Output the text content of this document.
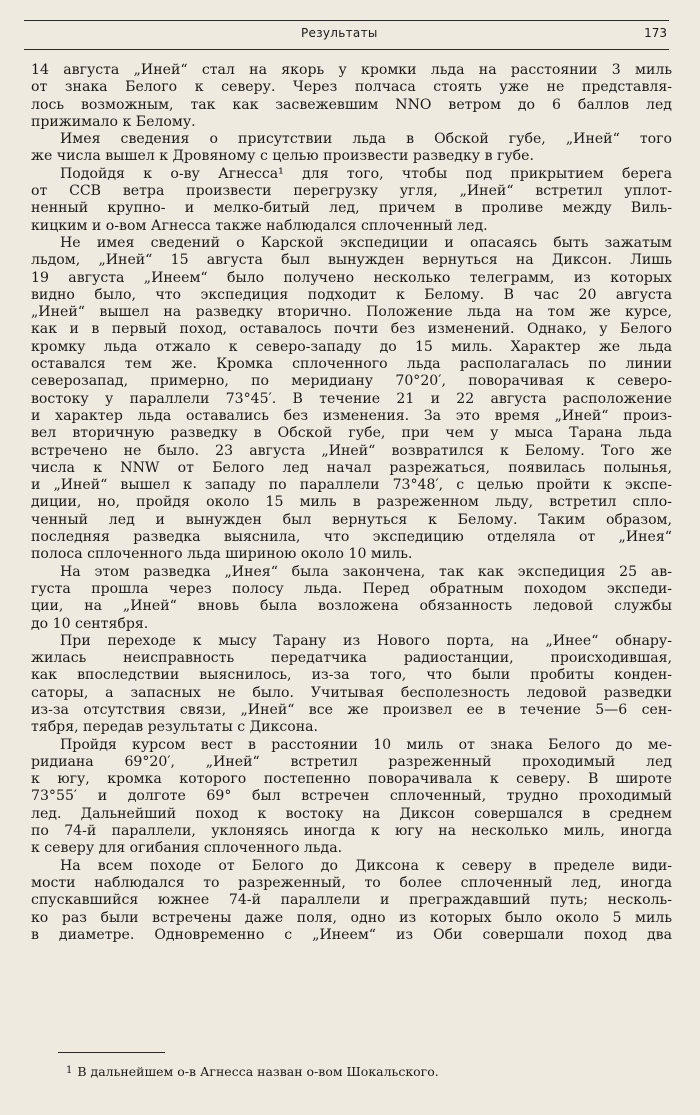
Результаты	173
14 августа „Иней“ стал на якорь у кромки льда на расстоянии 3 миль
от знака Белого к северу. Через полчаса стоять уже не представля-
лось возможным, так как засвежевшим NNO ветром до 6 баллов лед
прижимало к Белому.
Имея сведения о присутствии льда в Обской губе, „Иней“ того
же числа вышел к Дровяному с целью произвести разведку в губе.
Подойдя к о-ву Агнесса¹ для того, чтобы под прикрытием берега
от ССВ ветра произвести перегрузку угля, „Иней“ встретил уплот-
ненный крупно- и мелко-битый лед, причем в проливе между Виль-
кицким и о-вом Агнесса также наблюдался сплоченный лед.
Не имея сведений о Карской экспедиции и опасаясь быть зажатым
льдом, „Иней“ 15 августа был вынужден вернуться на Диксон. Лишь
19 августа „Инеем“ было получено несколько телеграмм, из которых
видно было, что экспедиция подходит к Белому. В час 20 августа
„Иней“ вышел на разведку вторично. Положение льда на том же курсе,
как и в первый поход, оставалось почти без изменений. Однако, у Белого
кромку льда отжало к северо-западу до 15 миль. Характер же льда
оставался тем же. Кромка сплоченного льда располагалась по линии
северозапад, примерно, по меридиану 70°20′, поворачивая к северо-
востоку у параллели 73°45′. В течение 21 и 22 августа расположение
и характер льда оставались без изменения. За это время „Иней“ произ-
вел вторичную разведку в Обской губе, при чем у мыса Тарана льда
встречено не было. 23 августа „Иней“ возвратился к Белому. Того же
числа к NNW от Белого лед начал разрежаться, появилась полынья,
и „Иней“ вышел к западу по параллели 73°48′, с целью пройти к экспе-
диции, но, пройдя около 15 миль в разреженном льду, встретил спло-
ченный лед и вынужден был вернуться к Белому. Таким образом,
последняя разведка выяснила, что экспедицию отделяла от „Инея“
полоса сплоченного льда шириною около 10 миль.
На этом разведка „Инея“ была закончена, так как экспедиция 25 ав-
густа прошла через полосу льда. Перед обратным походом экспеди-
ции, на „Иней“ вновь была возложена обязанность ледовой службы
до 10 сентября.
При переходе к мысу Тарану из Нового порта, на „Инее“ обнару-
жилась неисправность передатчика радиостанции, происходившая,
как впоследствии выяснилось, из-за того, что были пробиты конден-
саторы, а запасных не было. Учитывая бесполезность ледовой разведки
из-за отсутствия связи, „Иней“ все же произвел ее в течение 5—6 сен-
тября, передав результаты с Диксона.
Пройдя курсом вест в расстоянии 10 миль от знака Белого до ме-
ридиана 69°20′, „Иней“ встретил разреженный проходимый лед
к югу, кромка которого постепенно поворачивала к северу. В широте
73°55′ и долготе 69° был встречен сплоченный, трудно проходимый
лед. Дальнейший поход к востоку на Диксон совершался в среднем
по 74-й параллели, уклоняясь иногда к югу на несколько миль, иногда
к северу для огибания сплоченного льда.
На всем походе от Белого до Диксона к северу в пределе види-
мости наблюдался то разреженный, то более сплоченный лед, иногда
спускавшийся южнее 74-й параллели и преграждавший путь; несколь-
ко раз были встречены даже поля, одно из которых было около 5 миль
в диаметре. Одновременно с „Инеем“ из Оби совершали поход два
$^1$ В дальнейшем о-в Агнесса назван о-вом Шокальского.
